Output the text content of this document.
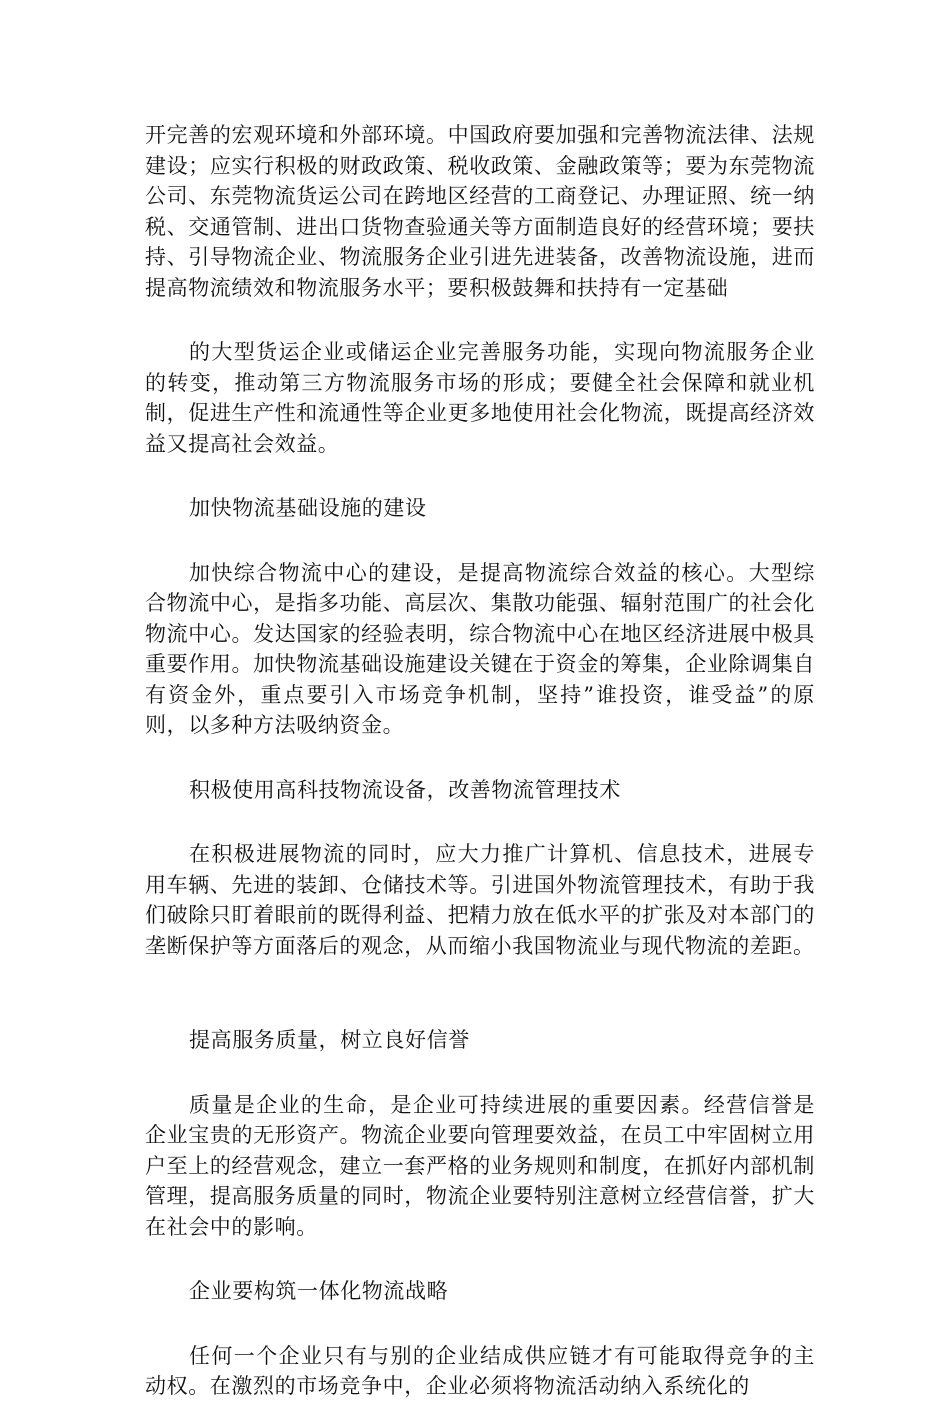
开完善的宏观环境和外部环境。中国政府要加强和完善物流法律、法规建设；应实行积极的财政政策、税收政策、金融政策等；要为东莞物流公司、东莞物流货运公司在跨地区经营的工商登记、办理证照、统一纳税、交通管制、进出口货物查验通关等方面制造良好的经营环境；要扶持、引导物流企业、物流服务企业引进先进装备，改善物流设施，进而提高物流绩效和物流服务水平；要积极鼓舞和扶持有一定基础

的大型货运企业或储运企业完善服务功能，实现向物流服务企业的转变，推动第三方物流服务市场的形成；要健全社会保障和就业机制，促进生产性和流通性等企业更多地使用社会化物流，既提高经济效益又提高社会效益。

加快物流基础设施的建设

加快综合物流中心的建设，是提高物流综合效益的核心。大型综合物流中心，是指多功能、高层次、集散功能强、辐射范围广的社会化物流中心。发达国家的经验表明，综合物流中心在地区经济进展中极具重要作用。加快物流基础设施建设关键在于资金的筹集，企业除调集自有资金外，重点要引入市场竞争机制，坚持”谁投资，谁受益”的原则，以多种方法吸纳资金。

积极使用高科技物流设备，改善物流管理技术

在积极进展物流的同时，应大力推广计算机、信息技术，进展专用车辆、先进的装卸、仓储技术等。引进国外物流管理技术，有助于我们破除只盯着眼前的既得利益、把精力放在低水平的扩张及对本部门的垄断保护等方面落后的观念，从而缩小我国物流业与现代物流的差距。

提高服务质量，树立良好信誉

质量是企业的生命，是企业可持续进展的重要因素。经营信誉是企业宝贵的无形资产。物流企业要向管理要效益，在员工中牢固树立用户至上的经营观念，建立一套严格的业务规则和制度，在抓好内部机制管理，提高服务质量的同时，物流企业要特别注意树立经营信誉，扩大在社会中的影响。

企业要构筑一体化物流战略

任何一个企业只有与别的企业结成供应链才有可能取得竞争的主动权。在激烈的市场竞争中，企业必须将物流活动纳入系统化的
